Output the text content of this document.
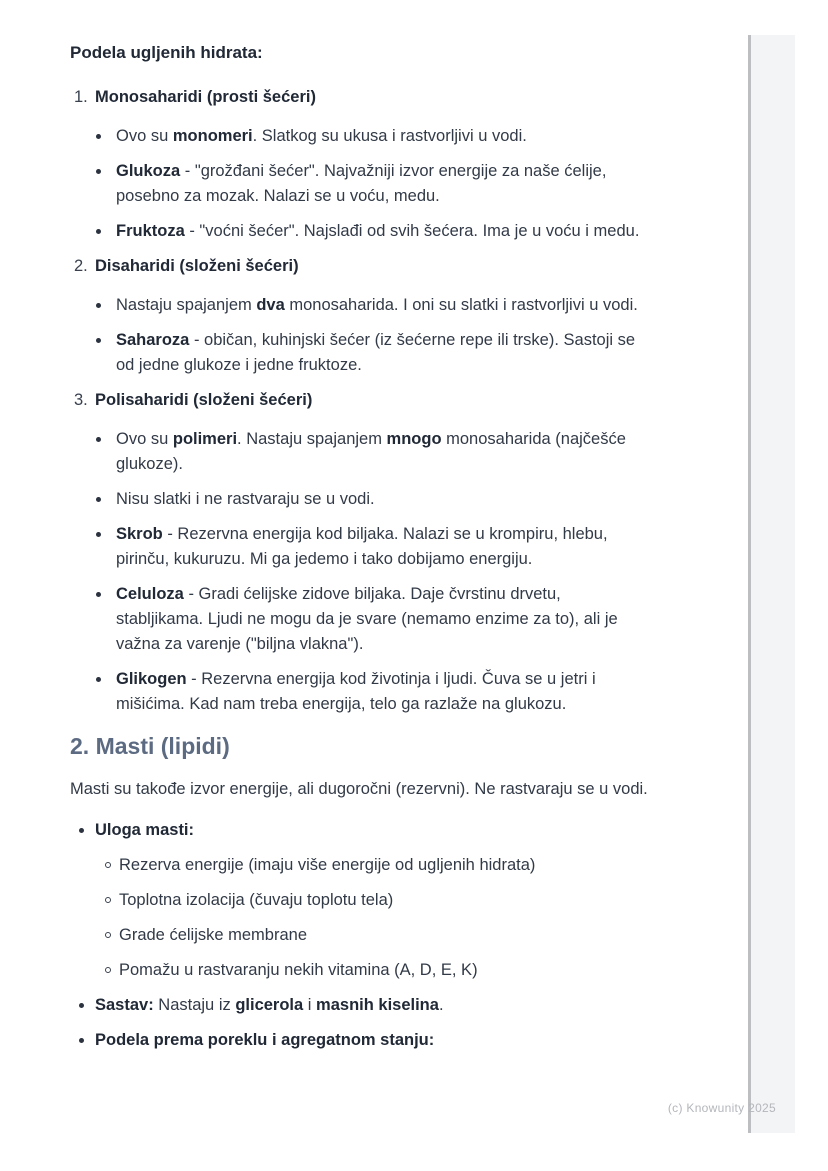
Podela ugljenih hidrata:
1. Monosaharidi (prosti šećeri)
Ovo su monomeri. Slatkog su ukusa i rastvorljivi u vodi.
Glukoza - "grožđani šećer". Najvažniji izvor energije za naše ćelije,
posebno za mozak. Nalazi se u voću, medu.
Fruktoza - "voćni šećer". Najslađi od svih šećera. Ima je u voću i medu.
2. Disaharidi (složeni šećeri)
Nastaju spajanjem dva monosaharida. I oni su slatki i rastvorljivi u vodi.
Saharoza - običan, kuhinjski šećer (iz šećerne repe ili trske). Sastoji se
od jedne glukoze i jedne fruktoze.
3. Polisaharidi (složeni šećeri)
Ovo su polimeri. Nastaju spajanjem mnogo monosaharida (najčešće
glukoze).
Nisu slatki i ne rastvaraju se u vodi.
Skrob - Rezervna energija kod biljaka. Nalazi se u krompiru, hlebu,
pirinču, kukuruzu. Mi ga jedemo i tako dobijamo energiju.
Celuloza - Gradi ćelijske zidove biljaka. Daje čvrstinu drvetu,
stabljikama. Ljudi ne mogu da je svare (nemamo enzime za to), ali je
važna za varenje ("biljna vlakna").
Glikogen - Rezervna energija kod životinja i ljudi. Čuva se u jetri i
mišićima. Kad nam treba energija, telo ga razlaže na glukozu.
2. Masti (lipidi)
Masti su takođe izvor energije, ali dugoročni (rezervni). Ne rastvaraju se u vodi.
Uloga masti:
Rezerva energije (imaju više energije od ugljenih hidrata)
Toplotna izolacija (čuvaju toplotu tela)
Grade ćelijske membrane
Pomažu u rastvaranju nekih vitamina (A, D, E, K)
Sastav: Nastaju iz glicerola i masnih kiselina.
Podela prema poreklu i agregatnom stanju:
(c) Knowunity 2025
